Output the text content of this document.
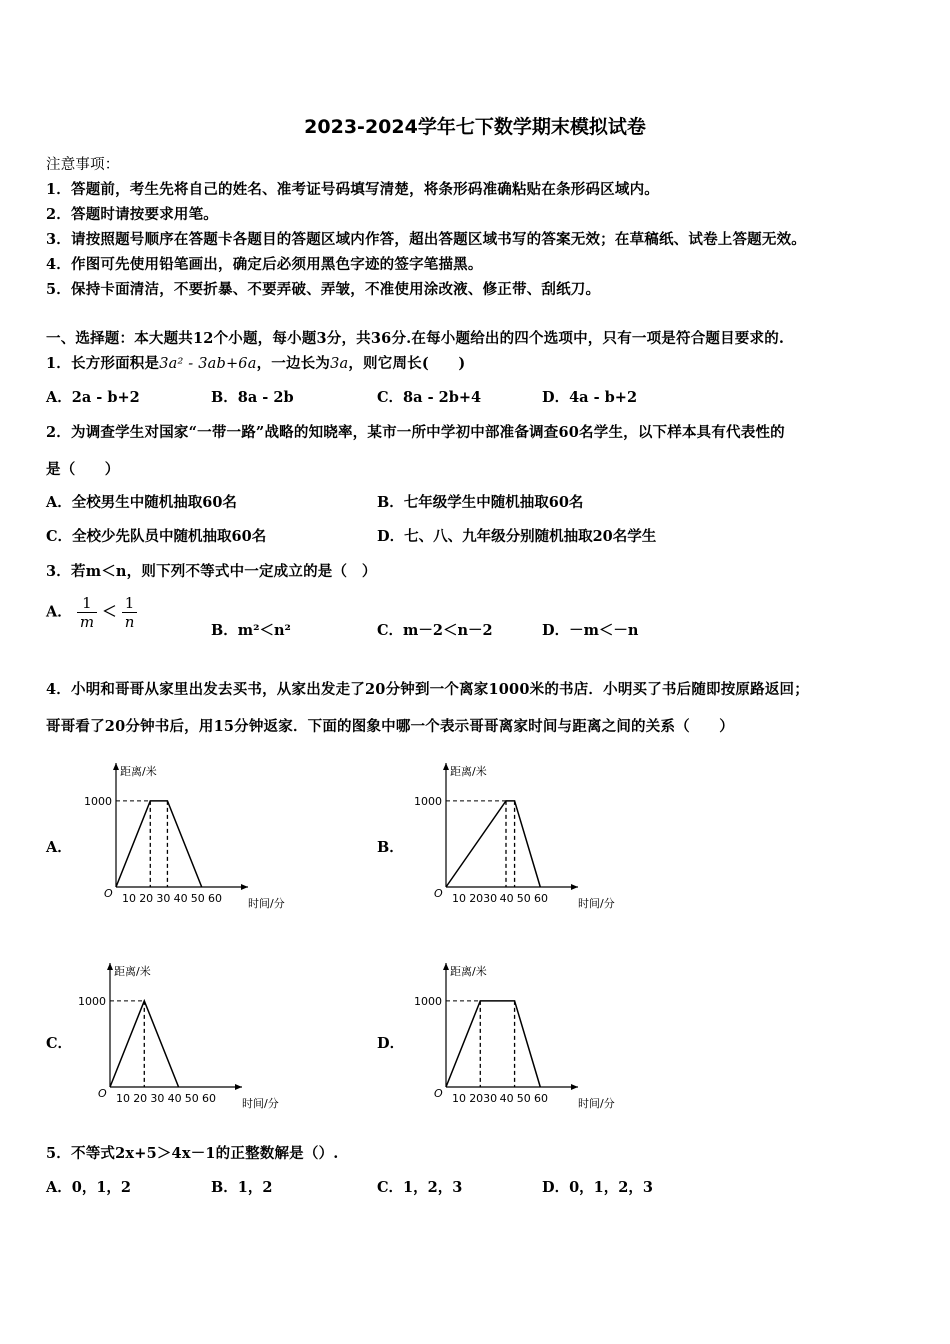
2023-2024学年七下数学期末模拟试卷
注意事项：
1．答题前，考生先将自己的姓名、准考证号码填写清楚，将条形码准确粘贴在条形码区域内。
2．答题时请按要求用笔。
3．请按照题号顺序在答题卡各题目的答题区域内作答，超出答题区域书写的答案无效；在草稿纸、试卷上答题无效。
4．作图可先使用铅笔画出，确定后必须用黑色字迹的签字笔描黑。
5．保持卡面清洁，不要折暴、不要弄破、弄皱，不准使用涂改液、修正带、刮纸刀。
一、选择题：本大题共12个小题，每小题3分，共36分.在每小题给出的四个选项中，只有一项是符合题目要求的.
1．长方形面积是3a² - 3ab+6a，一边长为3a，则它周长(　　)
A．2a - b+2	B．8a - 2b	C．8a - 2b+4	D．4a - b+2
2．为调查学生对国家“一带一路”战略的知晓率，某市一所中学初中部准备调查60名学生，以下样本具有代表性的
是（　　）
A．全校男生中随机抽取60名	B．七年级学生中随机抽取60名
C．全校少先队员中随机抽取60名	D．七、八、九年级分别随机抽取20名学生
3．若m＜n，则下列不等式中一定成立的是（　）
A． $\frac{1}{m} < \frac{1}{n}$	B．m²＜n²	C．m－2＜n－2	D．－m＜－n
4．小明和哥哥从家里出发去买书，从家出发走了20分钟到一个离家1000米的书店．小明买了书后随即按原路返回；
哥哥看了20分钟书后，用15分钟返家．下面的图象中哪一个表示哥哥离家时间与距离之间的关系（　　）
A．	B．
C．	D．
距离/米
时间/分
O
1000
10 20 30 40 50 60
距离/米
时间/分
O
1000
10 2030 40 50 60
距离/米
时间/分
O
1000
10 20 30 40 50 60
距离/米
时间/分
O
1000
10 2030 40 50 60
5．不等式2x+5＞4x－1的正整数解是（）.
A．0，1，2	B．1，2	C．1，2，3	D．0，1，2，3
